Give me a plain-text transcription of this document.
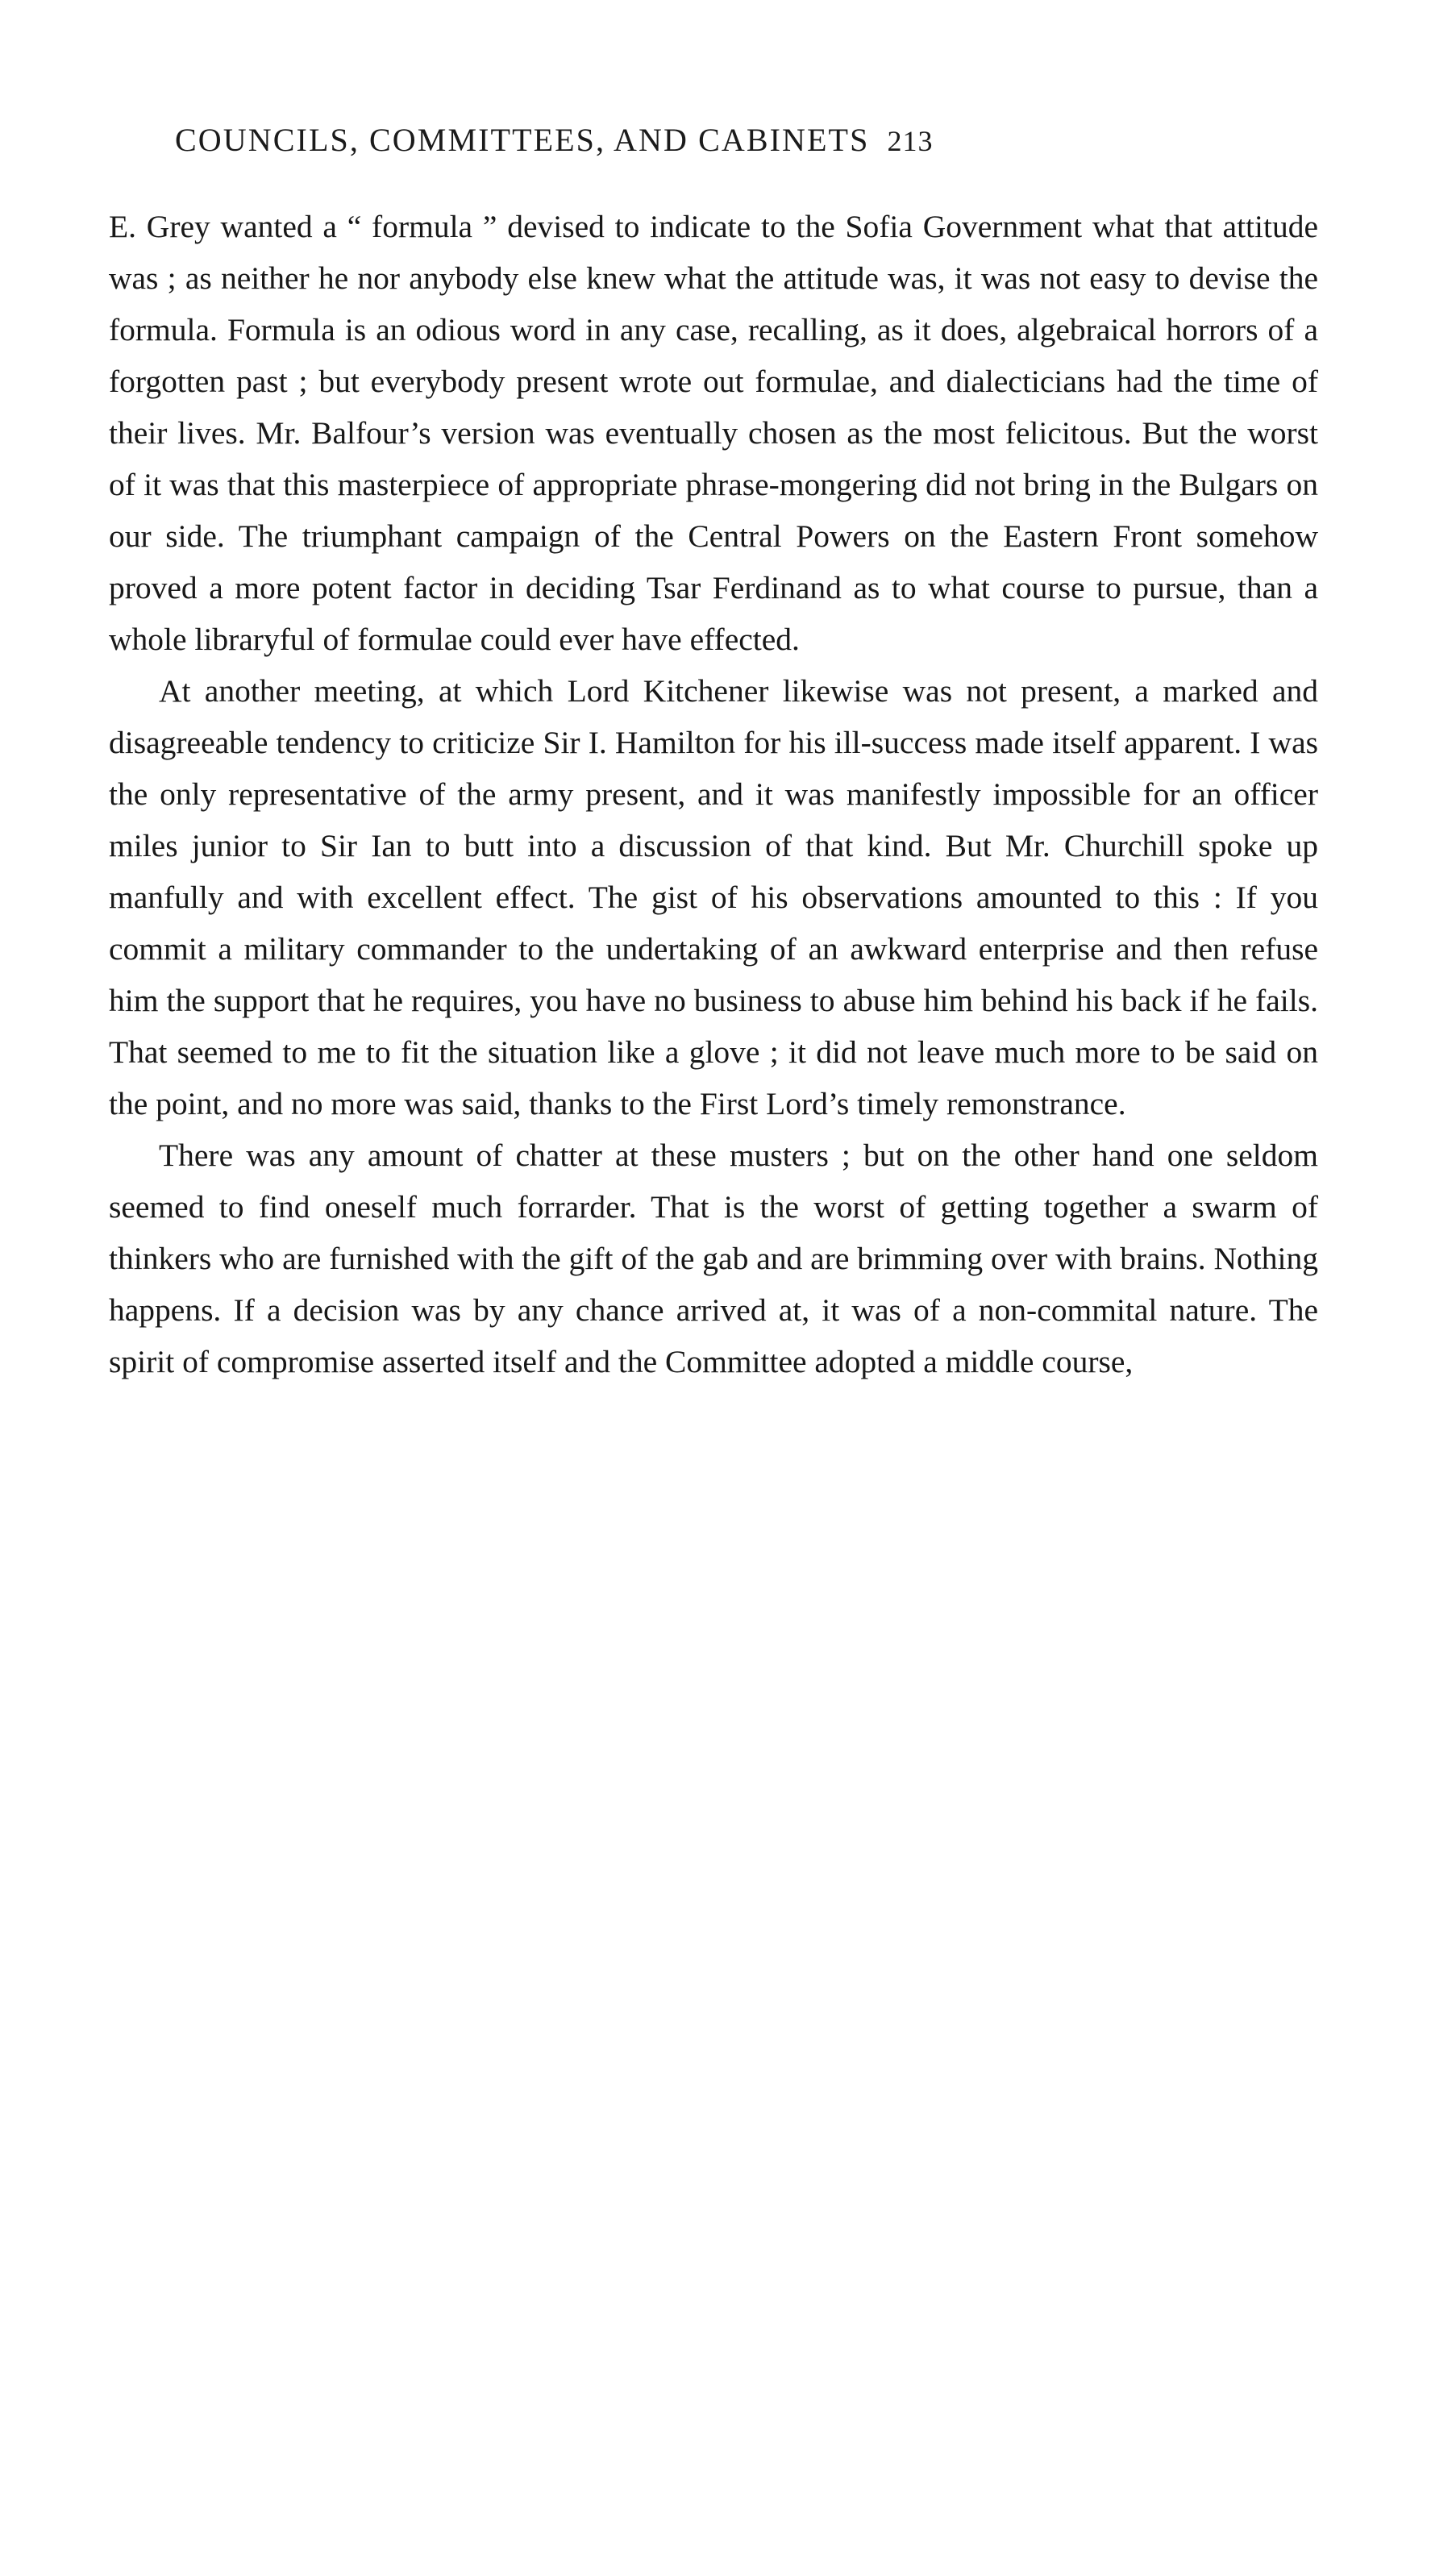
COUNCILS, COMMITTEES, AND CABINETS 213

E. Grey wanted a “ formula ” devised to indicate to the Sofia Government what that attitude was ; as neither he nor anybody else knew what the attitude was, it was not easy to devise the formula. Formula is an odious word in any case, recalling, as it does, algebraical horrors of a forgotten past ; but everybody present wrote out formulae, and dialecticians had the time of their lives. Mr. Balfour’s version was eventually chosen as the most felicitous. But the worst of it was that this masterpiece of appropriate phrase-mongering did not bring in the Bulgars on our side. The triumphant campaign of the Central Powers on the Eastern Front somehow proved a more potent factor in deciding Tsar Ferdinand as to what course to pursue, than a whole libraryful of formulae could ever have effected.

At another meeting, at which Lord Kitchener likewise was not present, a marked and disagreeable tendency to criticize Sir I. Hamilton for his ill-success made itself apparent. I was the only representative of the army present, and it was manifestly impossible for an officer miles junior to Sir Ian to butt into a discussion of that kind. But Mr. Churchill spoke up manfully and with excellent effect. The gist of his observations amounted to this : If you commit a military commander to the undertaking of an awkward enterprise and then refuse him the support that he requires, you have no business to abuse him behind his back if he fails. That seemed to me to fit the situation like a glove ; it did not leave much more to be said on the point, and no more was said, thanks to the First Lord’s timely remonstrance.

There was any amount of chatter at these musters ; but on the other hand one seldom seemed to find oneself much forrarder. That is the worst of getting together a swarm of thinkers who are furnished with the gift of the gab and are brimming over with brains. Nothing happens. If a decision was by any chance arrived at, it was of a non-commital nature. The spirit of compromise asserted itself and the Committee adopted a middle course,
